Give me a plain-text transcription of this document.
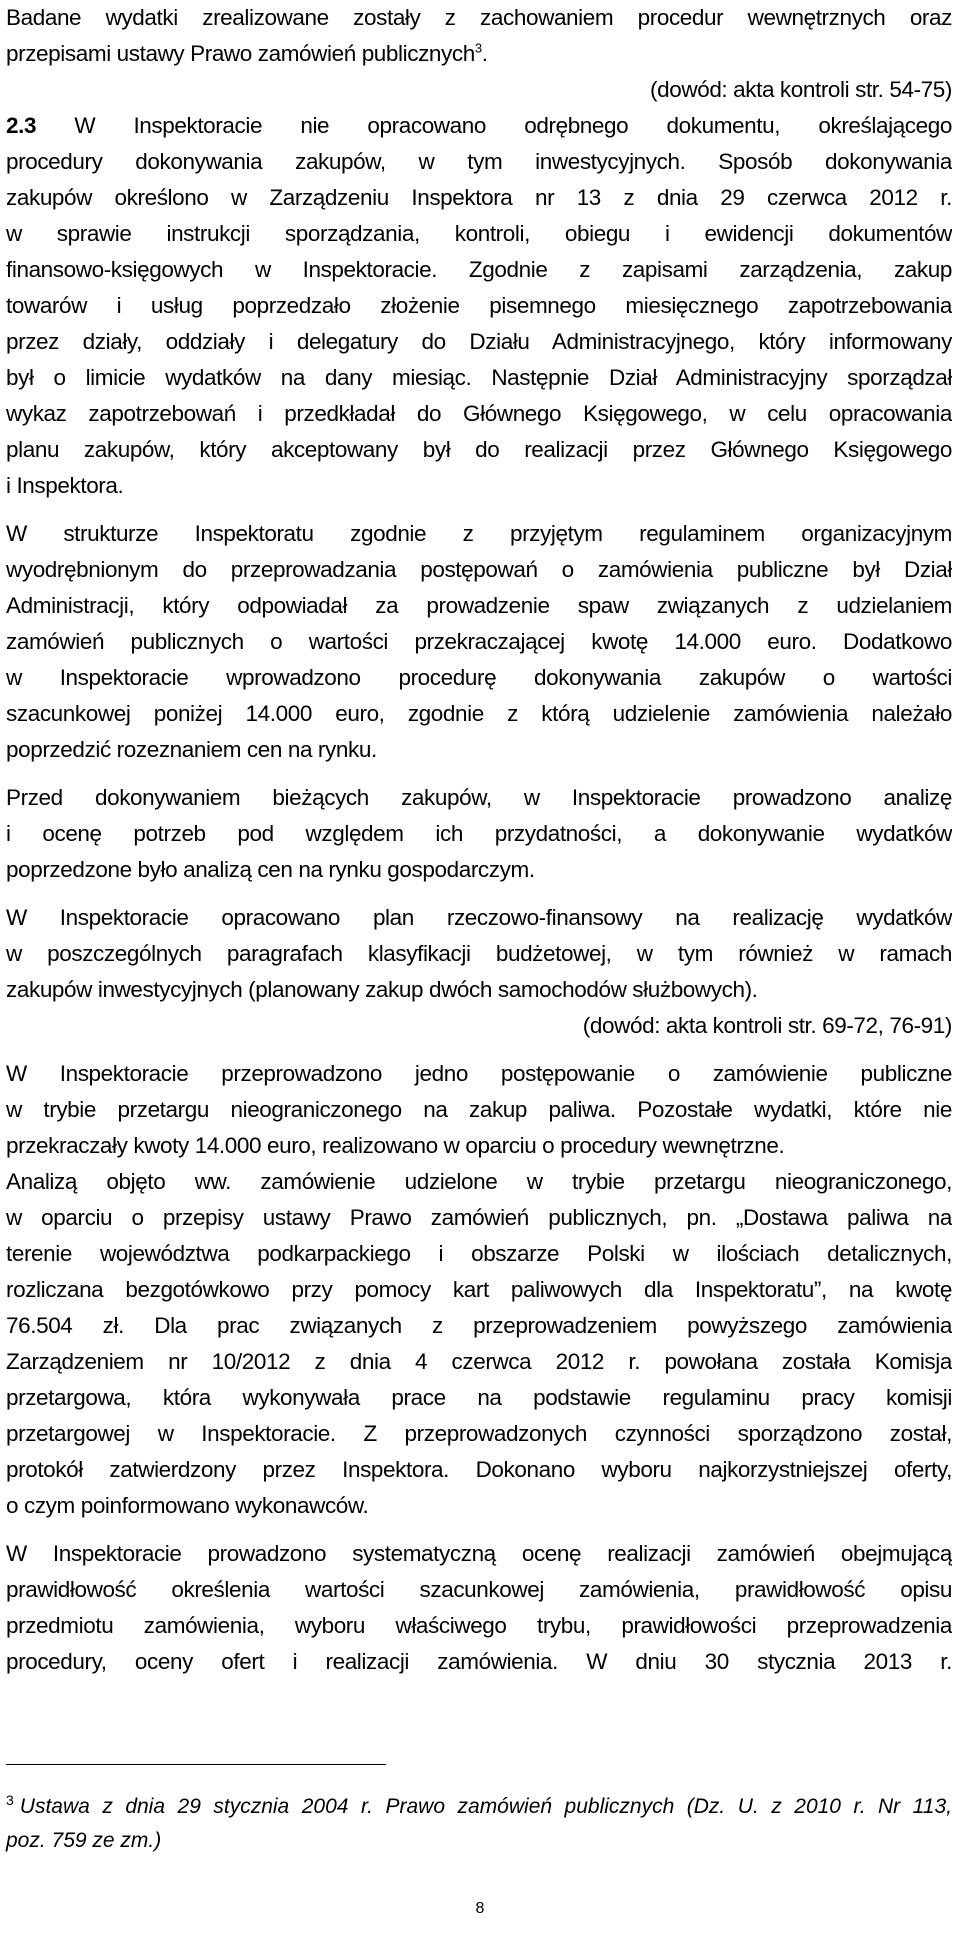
Badane wydatki zrealizowane zostały z zachowaniem procedur wewnętrznych oraz
przepisami ustawy Prawo zamówień publicznych$^3$.
(dowód: akta kontroli str. 54-75)
2.3 W Inspektoracie nie opracowano odrębnego dokumentu, określającego
procedury dokonywania zakupów, w tym inwestycyjnych. Sposób dokonywania
zakupów określono w Zarządzeniu Inspektora nr 13 z dnia 29 czerwca 2012 r.
w sprawie instrukcji sporządzania, kontroli, obiegu i ewidencji dokumentów
finansowo-księgowych w Inspektoracie. Zgodnie z zapisami zarządzenia, zakup
towarów i usług poprzedzało złożenie pisemnego miesięcznego zapotrzebowania
przez działy, oddziały i delegatury do Działu Administracyjnego, który informowany
był o limicie wydatków na dany miesiąc. Następnie Dział Administracyjny sporządzał
wykaz zapotrzebowań i przedkładał do Głównego Księgowego, w celu opracowania
planu zakupów, który akceptowany był do realizacji przez Głównego Księgowego
i Inspektora.
W strukturze Inspektoratu zgodnie z przyjętym regulaminem organizacyjnym
wyodrębnionym do przeprowadzania postępowań o zamówienia publiczne był Dział
Administracji, który odpowiadał za prowadzenie spaw związanych z udzielaniem
zamówień publicznych o wartości przekraczającej kwotę 14.000 euro. Dodatkowo
w Inspektoracie wprowadzono procedurę dokonywania zakupów o wartości
szacunkowej poniżej 14.000 euro, zgodnie z którą udzielenie zamówienia należało
poprzedzić rozeznaniem cen na rynku.
Przed dokonywaniem bieżących zakupów, w Inspektoracie prowadzono analizę
i ocenę potrzeb pod względem ich przydatności, a dokonywanie wydatków
poprzedzone było analizą cen na rynku gospodarczym.
W Inspektoracie opracowano plan rzeczowo-finansowy na realizację wydatków
w poszczególnych paragrafach klasyfikacji budżetowej, w tym również w ramach
zakupów inwestycyjnych (planowany zakup dwóch samochodów służbowych).
(dowód: akta kontroli str. 69-72, 76-91)
W Inspektoracie przeprowadzono jedno postępowanie o zamówienie publiczne
w trybie przetargu nieograniczonego na zakup paliwa. Pozostałe wydatki, które nie
przekraczały kwoty 14.000 euro, realizowano w oparciu o procedury wewnętrzne.
Analizą objęto ww. zamówienie udzielone w trybie przetargu nieograniczonego,
w oparciu o przepisy ustawy Prawo zamówień publicznych, pn. „Dostawa paliwa na
terenie województwa podkarpackiego i obszarze Polski w ilościach detalicznych,
rozliczana bezgotówkowo przy pomocy kart paliwowych dla Inspektoratu”, na kwotę
76.504 zł. Dla prac związanych z przeprowadzeniem powyższego zamówienia
Zarządzeniem nr 10/2012 z dnia 4 czerwca 2012 r. powołana została Komisja
przetargowa, która wykonywała prace na podstawie regulaminu pracy komisji
przetargowej w Inspektoracie. Z przeprowadzonych czynności sporządzono został,
protokół zatwierdzony przez Inspektora. Dokonano wyboru najkorzystniejszej oferty,
o czym poinformowano wykonawców.
W Inspektoracie prowadzono systematyczną ocenę realizacji zamówień obejmującą
prawidłowość określenia wartości szacunkowej zamówienia, prawidłowość opisu
przedmiotu zamówienia, wyboru właściwego trybu, prawidłowości przeprowadzenia
procedury, oceny ofert i realizacji zamówienia. W dniu 30 stycznia 2013 r.
$^3$ Ustawa z dnia 29 stycznia 2004 r. Prawo zamówień publicznych (Dz. U. z 2010 r. Nr 113,
poz. 759 ze zm.)
8
